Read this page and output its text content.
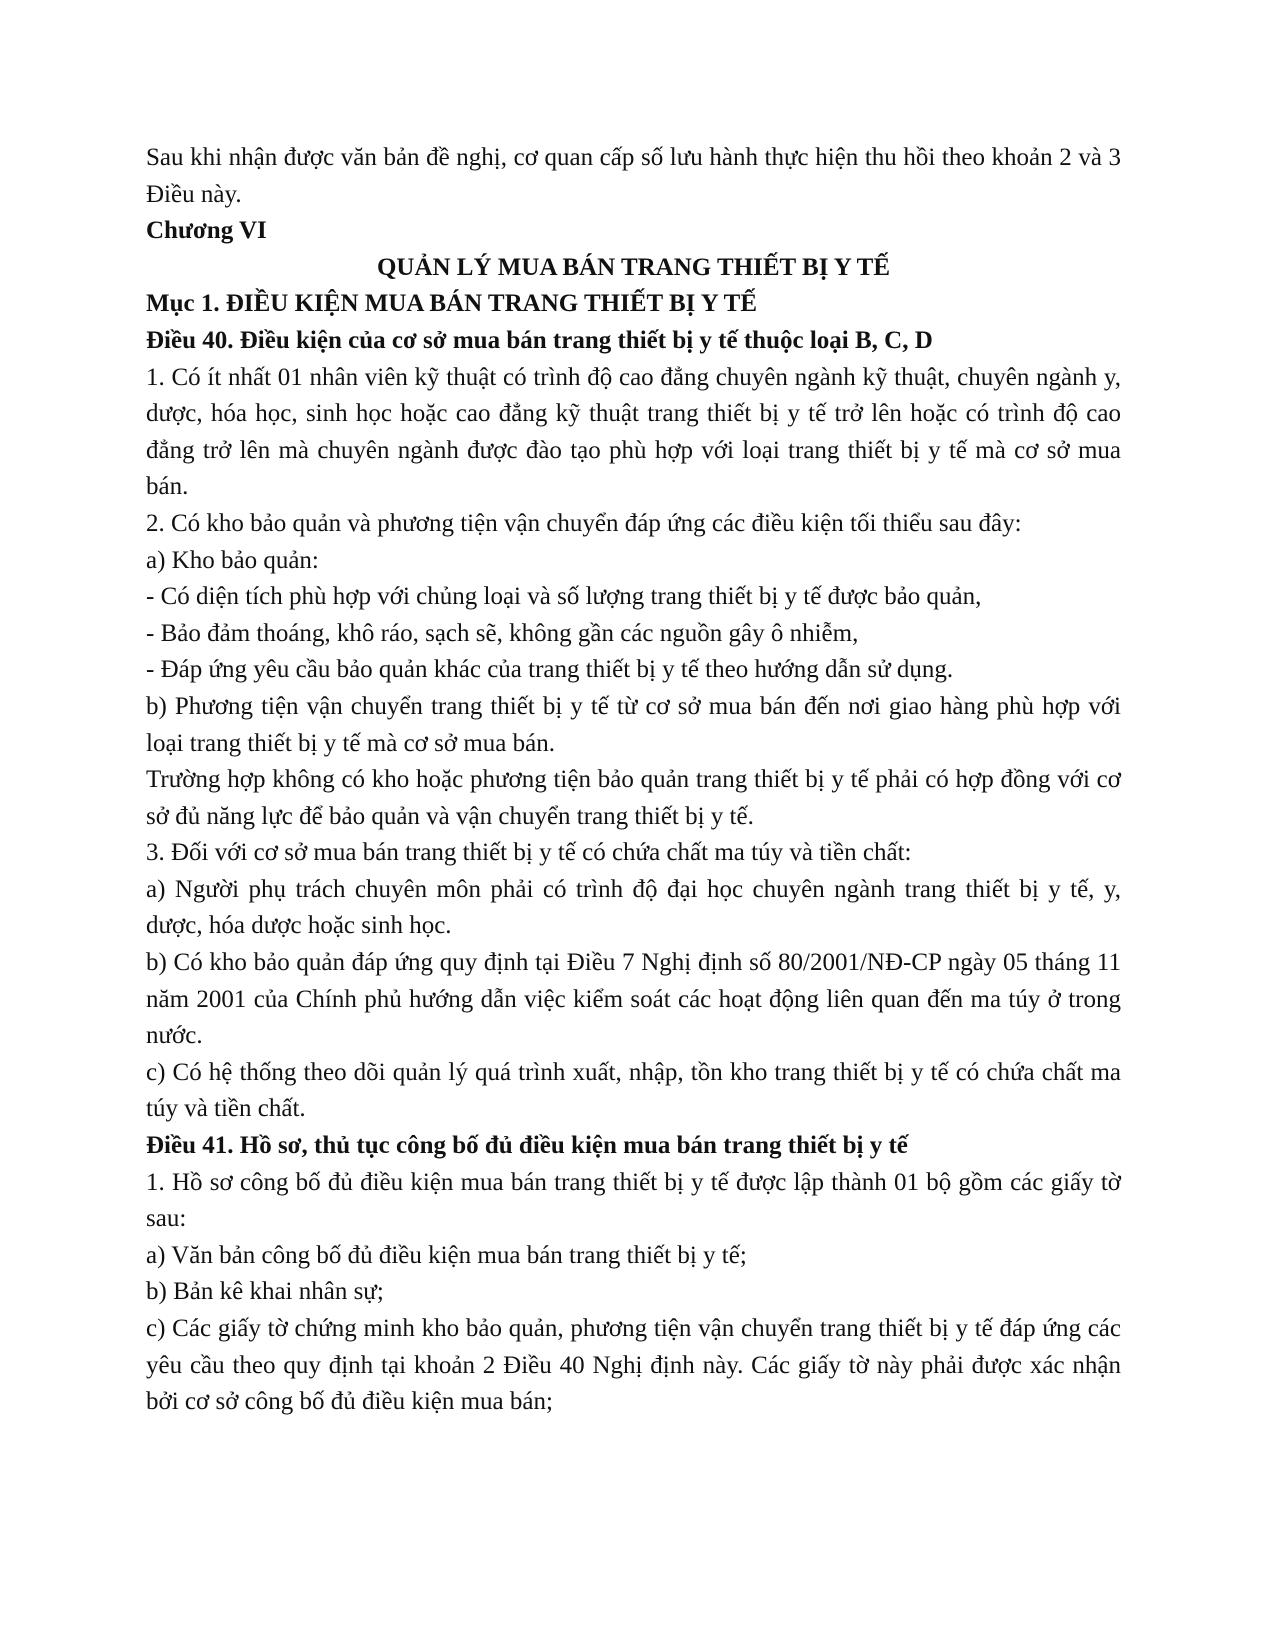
Sau khi nhận được văn bản đề nghị, cơ quan cấp số lưu hành thực hiện thu hồi theo khoản 2 và 3 Điều này.

Chương VI

QUẢN LÝ MUA BÁN TRANG THIẾT BỊ Y TẾ

Mục 1. ĐIỀU KIỆN MUA BÁN TRANG THIẾT BỊ Y TẾ

Điều 40. Điều kiện của cơ sở mua bán trang thiết bị y tế thuộc loại B, C, D

1. Có ít nhất 01 nhân viên kỹ thuật có trình độ cao đẳng chuyên ngành kỹ thuật, chuyên ngành y, dược, hóa học, sinh học hoặc cao đẳng kỹ thuật trang thiết bị y tế trở lên hoặc có trình độ cao đẳng trở lên mà chuyên ngành được đào tạo phù hợp với loại trang thiết bị y tế mà cơ sở mua bán.

2. Có kho bảo quản và phương tiện vận chuyển đáp ứng các điều kiện tối thiểu sau đây:

a) Kho bảo quản:

- Có diện tích phù hợp với chủng loại và số lượng trang thiết bị y tế được bảo quản,

- Bảo đảm thoáng, khô ráo, sạch sẽ, không gần các nguồn gây ô nhiễm,

- Đáp ứng yêu cầu bảo quản khác của trang thiết bị y tế theo hướng dẫn sử dụng.

b) Phương tiện vận chuyển trang thiết bị y tế từ cơ sở mua bán đến nơi giao hàng phù hợp với loại trang thiết bị y tế mà cơ sở mua bán.

Trường hợp không có kho hoặc phương tiện bảo quản trang thiết bị y tế phải có hợp đồng với cơ sở đủ năng lực để bảo quản và vận chuyển trang thiết bị y tế.

3. Đối với cơ sở mua bán trang thiết bị y tế có chứa chất ma túy và tiền chất:

a) Người phụ trách chuyên môn phải có trình độ đại học chuyên ngành trang thiết bị y tế, y, dược, hóa dược hoặc sinh học.

b) Có kho bảo quản đáp ứng quy định tại Điều 7 Nghị định số 80/2001/NĐ-CP ngày 05 tháng 11 năm 2001 của Chính phủ hướng dẫn việc kiểm soát các hoạt động liên quan đến ma túy ở trong nước.

c) Có hệ thống theo dõi quản lý quá trình xuất, nhập, tồn kho trang thiết bị y tế có chứa chất ma túy và tiền chất.

Điều 41. Hồ sơ, thủ tục công bố đủ điều kiện mua bán trang thiết bị y tế

1. Hồ sơ công bố đủ điều kiện mua bán trang thiết bị y tế được lập thành 01 bộ gồm các giấy tờ sau:

a) Văn bản công bố đủ điều kiện mua bán trang thiết bị y tế;

b) Bản kê khai nhân sự;

c) Các giấy tờ chứng minh kho bảo quản, phương tiện vận chuyển trang thiết bị y tế đáp ứng các yêu cầu theo quy định tại khoản 2 Điều 40 Nghị định này. Các giấy tờ này phải được xác nhận bởi cơ sở công bố đủ điều kiện mua bán;
